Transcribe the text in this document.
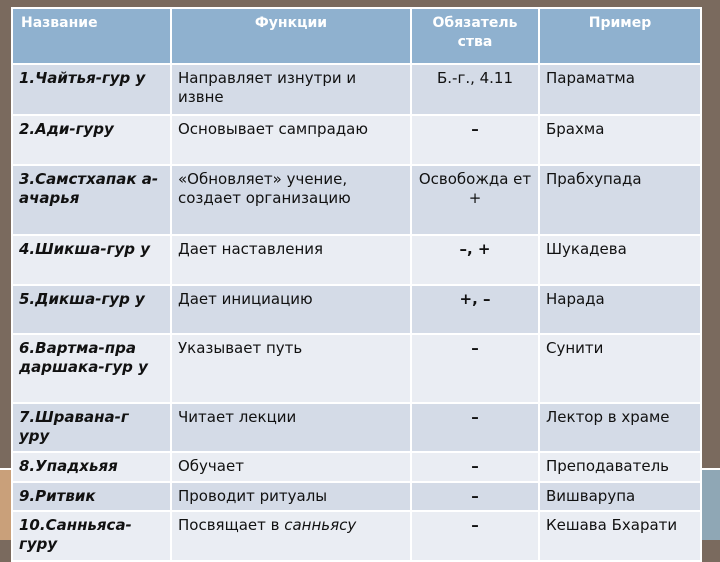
Название	Функции	Обязатель ства	Пример
1.Чайтья-гур у	Направляет изнутри и извне	Б.-г., 4.11	Параматма
2.Ади-гуру	Основывает сампрадаю	–	Брахма
3.Самстхапак а-ачарья	«Обновляет» учение, создает организацию	Освобожда ет +	Прабхупада
4.Шикша-гур у	Дает наставления	–, +	Шукадева
5.Дикша-гур у	Дает инициацию	+, –	Нарада
6.Вартма-пра даршака-гур у	Указывает путь	–	Сунити
7.Шравана-г уру	Читает лекции	–	Лектор в храме
8.Упадхьяя	Обучает	–	Преподаватель
9.Ритвик	Проводит ритуалы	–	Вишварупа
10.Санньяса- гуру	Посвящает в санньясу	–	Кешава Бхарати
